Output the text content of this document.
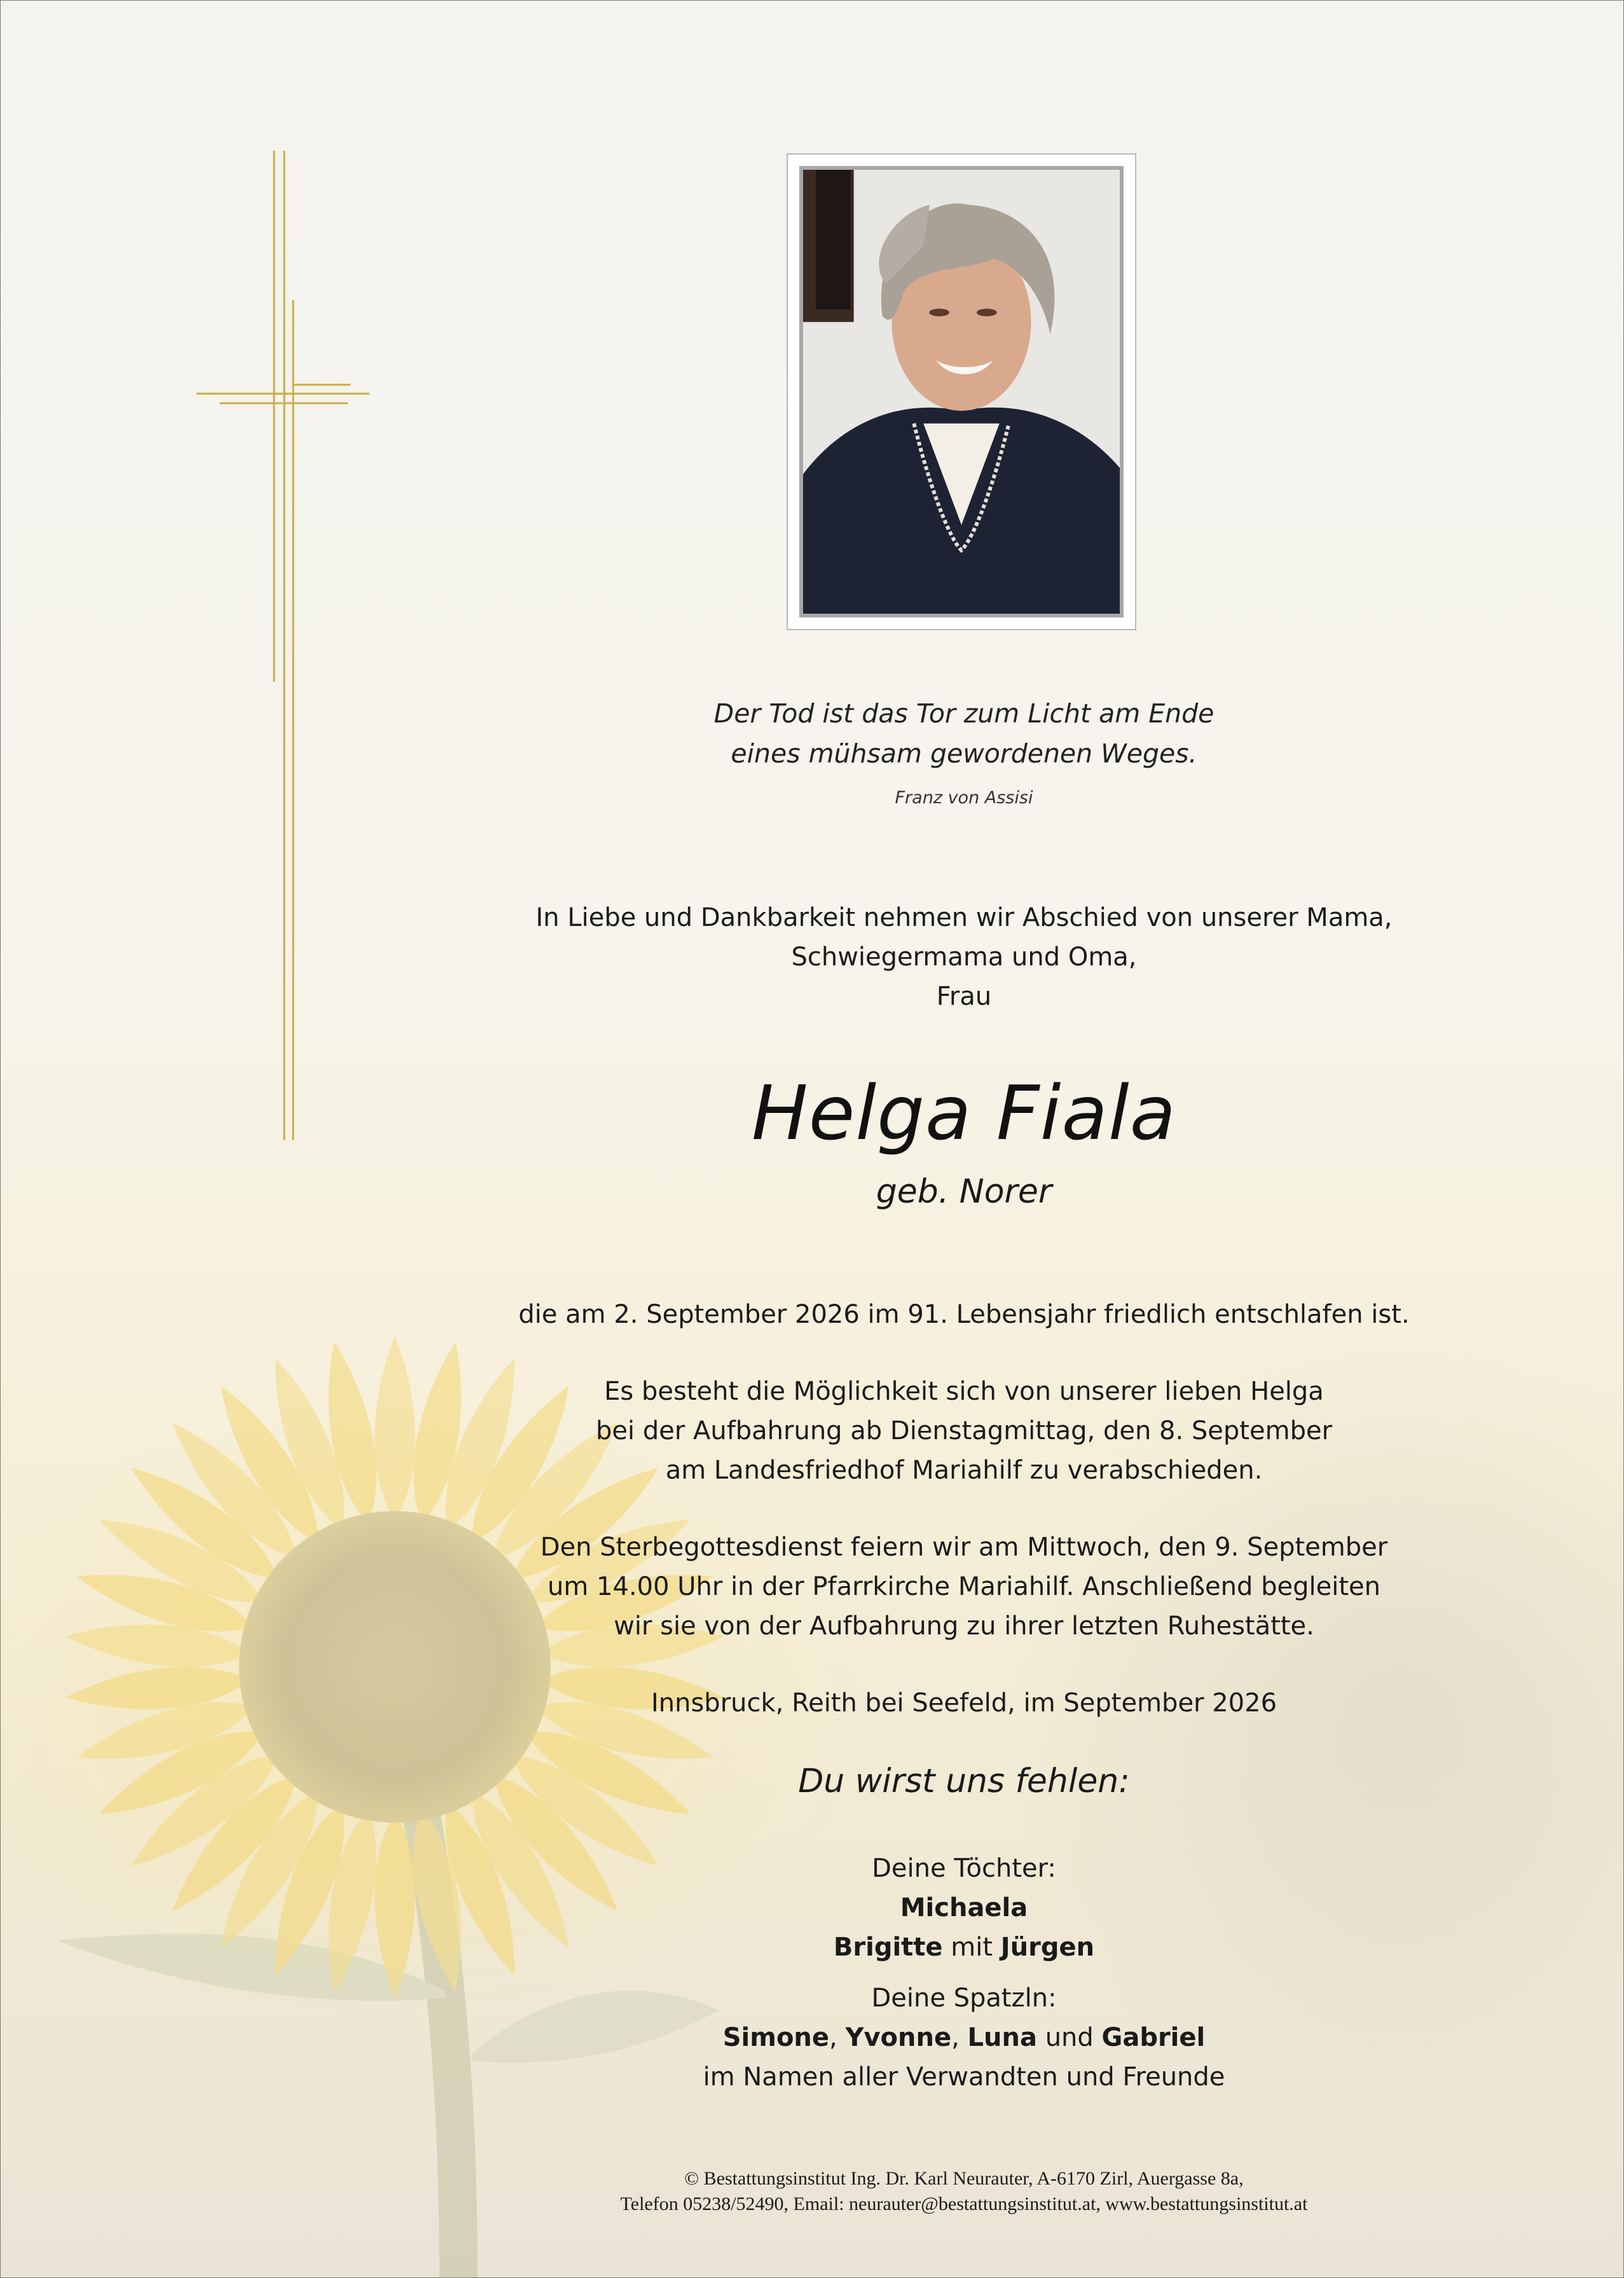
Der Tod ist das Tor zum Licht am Ende
eines mühsam gewordenen Weges.
Franz von Assisi
In Liebe und Dankbarkeit nehmen wir Abschied von unserer Mama,
Schwiegermama und Oma,
Frau
Helga Fiala
geb. Norer
die am 2. September 2026 im 91. Lebensjahr friedlich entschlafen ist.
Es besteht die Möglichkeit sich von unserer lieben Helga
bei der Aufbahrung ab Dienstagmittag, den 8. September
am Landesfriedhof Mariahilf zu verabschieden.
Den Sterbegottesdienst feiern wir am Mittwoch, den 9. September
um 14.00 Uhr in der Pfarrkirche Mariahilf. Anschließend begleiten
wir sie von der Aufbahrung zu ihrer letzten Ruhestätte.
Innsbruck, Reith bei Seefeld, im September 2026
Du wirst uns fehlen:
Deine Töchter:
Michaela
Brigitte mit Jürgen
Deine Spatzln:
Simone, Yvonne, Luna und Gabriel
im Namen aller Verwandten und Freunde
© Bestattungsinstitut Ing. Dr. Karl Neurauter, A-6170 Zirl, Auergasse 8a,
Telefon 05238/52490, Email: neurauter@bestattungsinstitut.at, www.bestattungsinstitut.at
